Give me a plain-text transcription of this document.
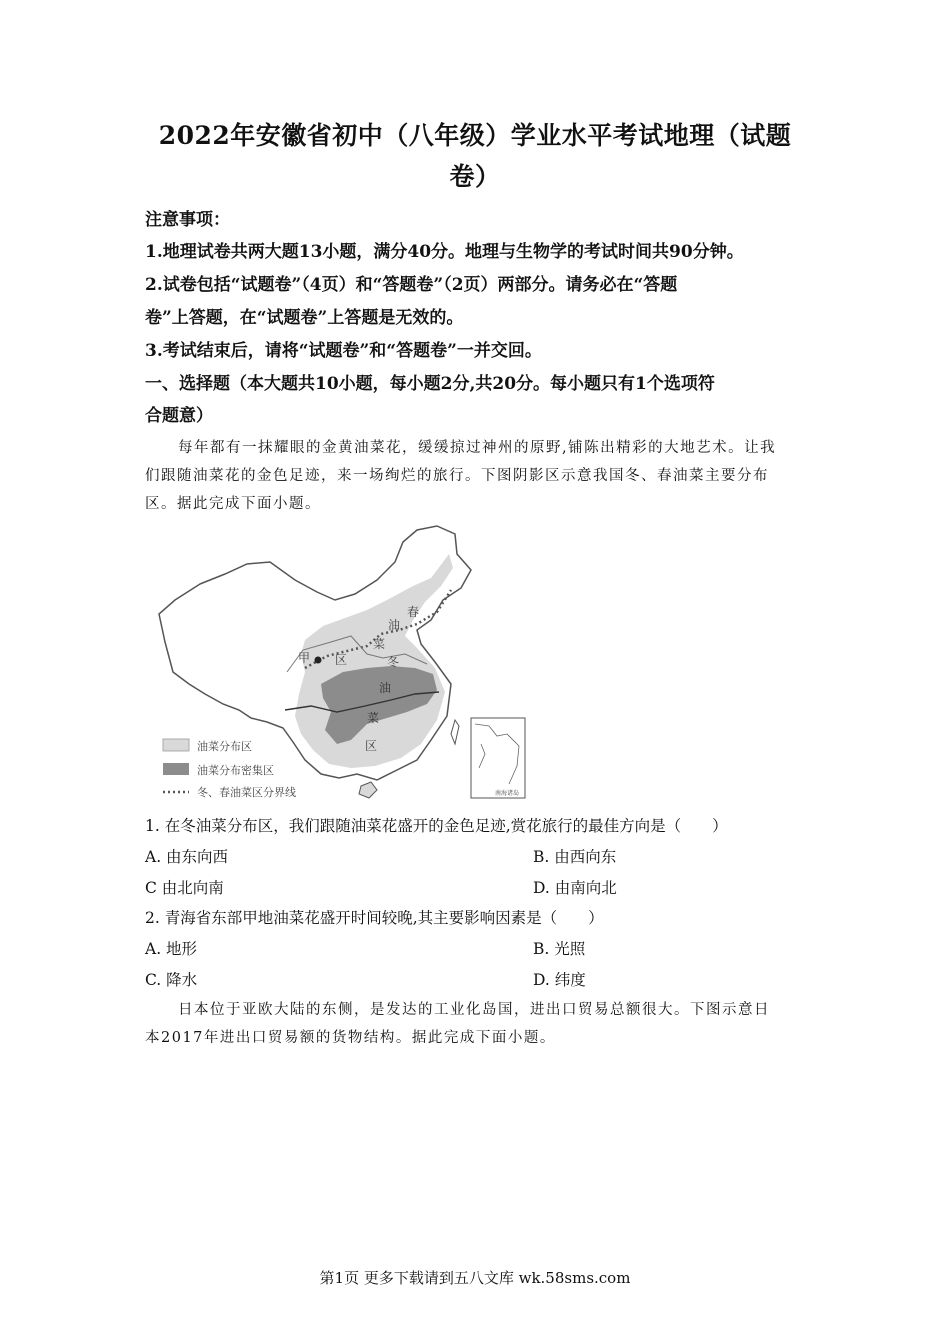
2022年安徽省初中（八年级）学业水平考试地理（试题
卷）
注意事项：
1.地理试卷共两大题13小题，满分40分。地理与生物学的考试时间共90分钟。
2.试卷包括“试题卷”（4页）和“答题卷”（2页）两部分。请务必在“答题
卷”上答题，在“试题卷”上答题是无效的。
3.考试结束后，请将“试题卷”和“答题卷”一并交回。
一、选择题（本大题共10小题，每小题2分,共20分。每小题只有1个选项符
合题意）
每年都有一抹耀眼的金黄油菜花，缓缓掠过神州的原野,铺陈出精彩的大地艺术。让我
们跟随油菜花的金色足迹，来一场绚烂的旅行。下图阴影区示意我国冬、春油菜主要分布
区。据此完成下面小题。
甲 区
春
油
菜
冬
油
菜
区
油菜分布区
油菜分布密集区
冬、春油菜区分界线	南海诸岛
1. 在冬油菜分布区，我们跟随油菜花盛开的金色足迹,赏花旅行的最佳方向是（　　）
A. 由东向西	B. 由西向东
C 由北向南	D. 由南向北
2. 青海省东部甲地油菜花盛开时间较晚,其主要影响因素是（　　）
A. 地形	B. 光照
C. 降水	D. 纬度
日本位于亚欧大陆的东侧，是发达的工业化岛国，进出口贸易总额很大。下图示意日
本2017年进出口贸易额的货物结构。据此完成下面小题。
第1页 更多下载请到五八文库 wk.58sms.com
